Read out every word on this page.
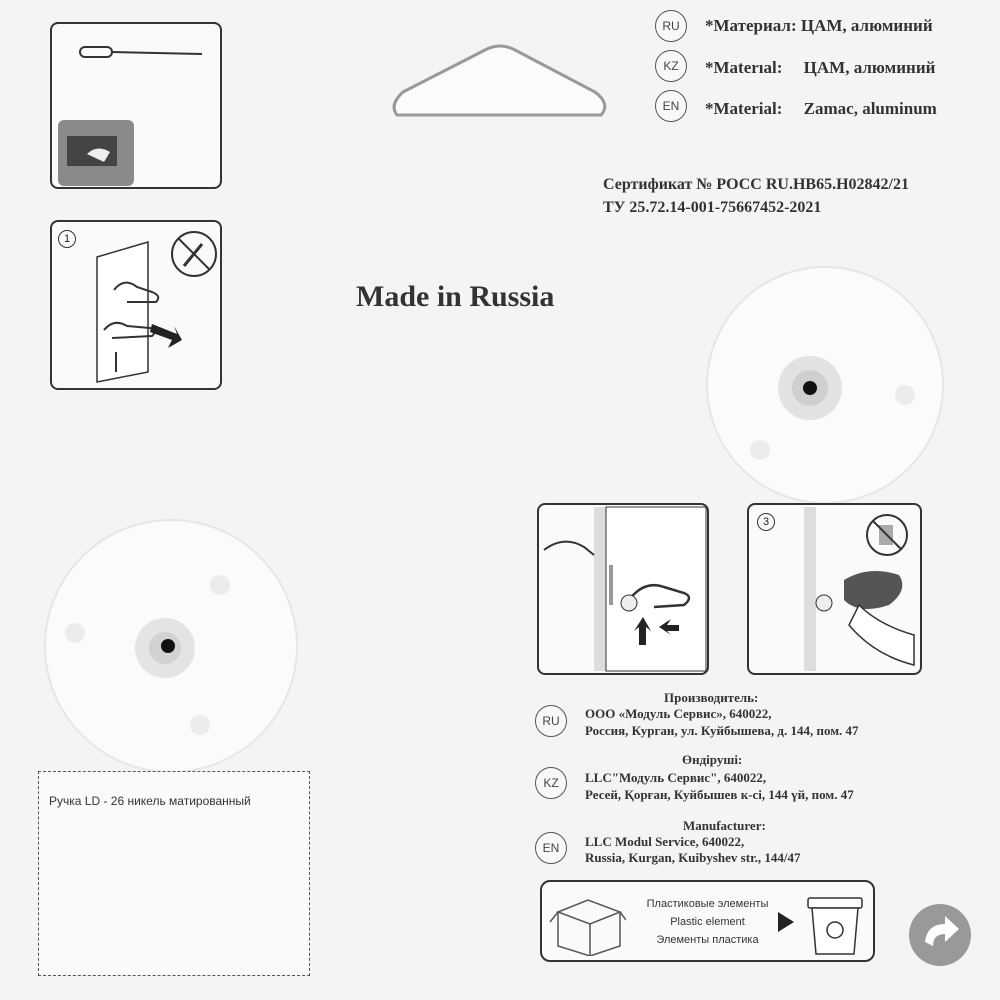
RU	*Материал: ЦАМ, алюминий
KZ	*Materıal:     ЦАМ, алюминий
EN	*Material:     Zamac, aluminum
Сертификат № РОСС RU.HB65.H02842/21
ТУ 25.72.14-001-75667452-2021
Made in Russia
1
3
RU
Производитель:
ООО «Модуль Сервис», 640022,
Россия, Курган, ул. Куйбышева, д. 144, пом. 47
KZ
Өндіруші:
LLC"Модуль Сервис", 640022,
Ресей, Қорған, Куйбышев к-сі, 144 үй, пом. 47
EN
Manufacturer:
LLC Modul Service, 640022,
Russia, Kurgan, Kuibyshev str., 144/47
Ручка LD - 26 никель матированный
Пластиковые элементы
Plastic element
Элементы пластика
